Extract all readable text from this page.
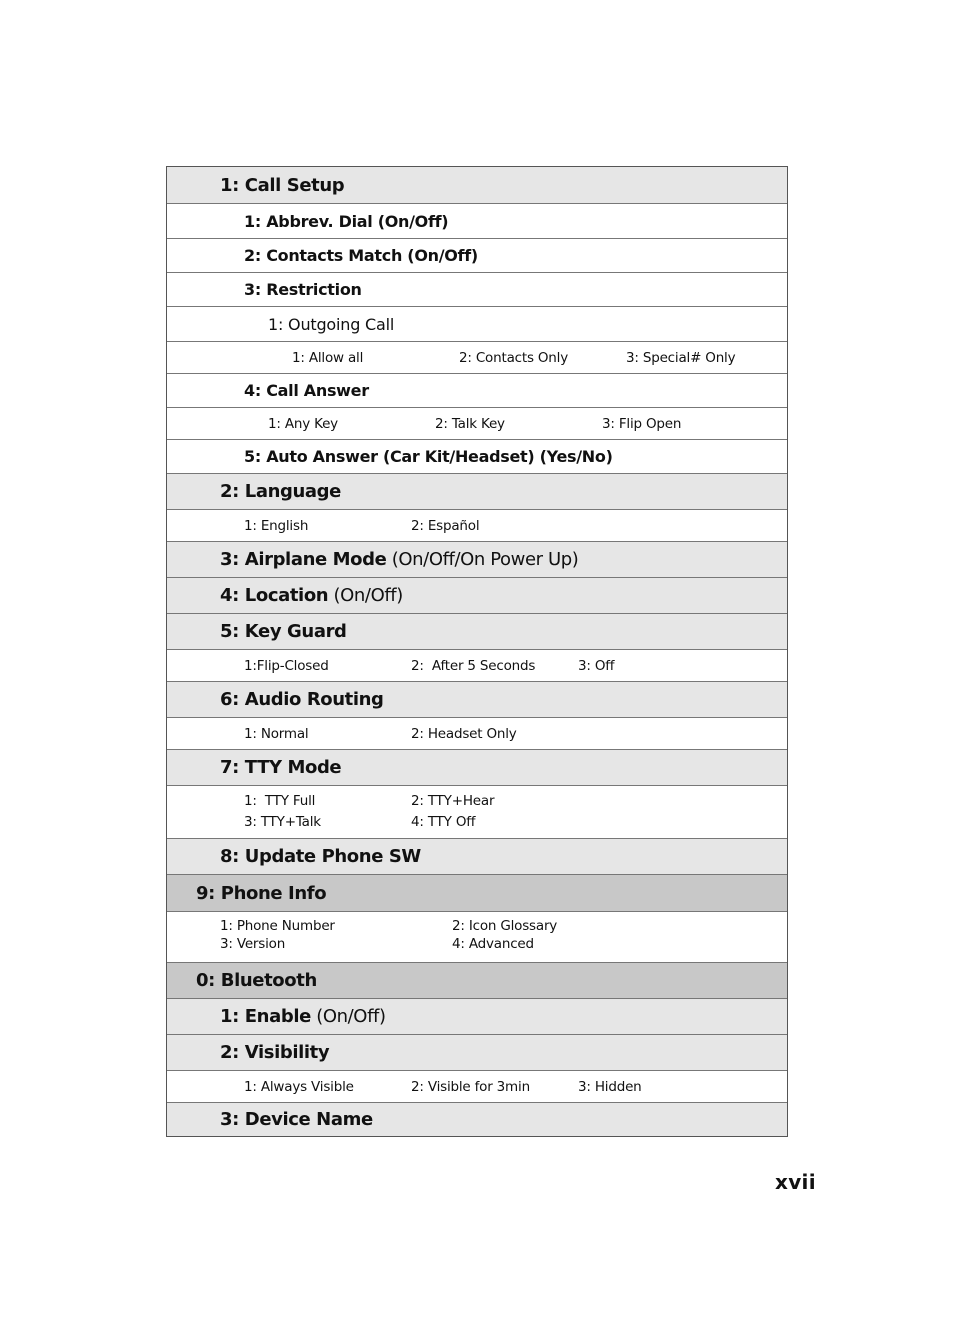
1: Call Setup
1: Abbrev. Dial (On/Off)
2: Contacts Match (On/Off)
3: Restriction
1: Outgoing Call
1: Allow all	2: Contacts Only	3: Special# Only
4: Call Answer
1: Any Key	2: Talk Key	3: Flip Open
5: Auto Answer (Car Kit/Headset) (Yes/No)
2: Language
1: English	2: Español
3: Airplane Mode (On/Off/On Power Up)
4: Location (On/Off)
5: Key Guard
1:Flip-Closed	2:  After 5 Seconds	3: Off
6: Audio Routing
1: Normal	2: Headset Only
7: TTY Mode
1:  TTY Full	2: TTY+Hear
3: TTY+Talk	4: TTY Off
8: Update Phone SW
9: Phone Info
1: Phone Number	2: Icon Glossary
3: Version	4: Advanced
0: Bluetooth
1: Enable (On/Off)
2: Visibility
1: Always Visible	2: Visible for 3min	3: Hidden
3: Device Name
xvii
